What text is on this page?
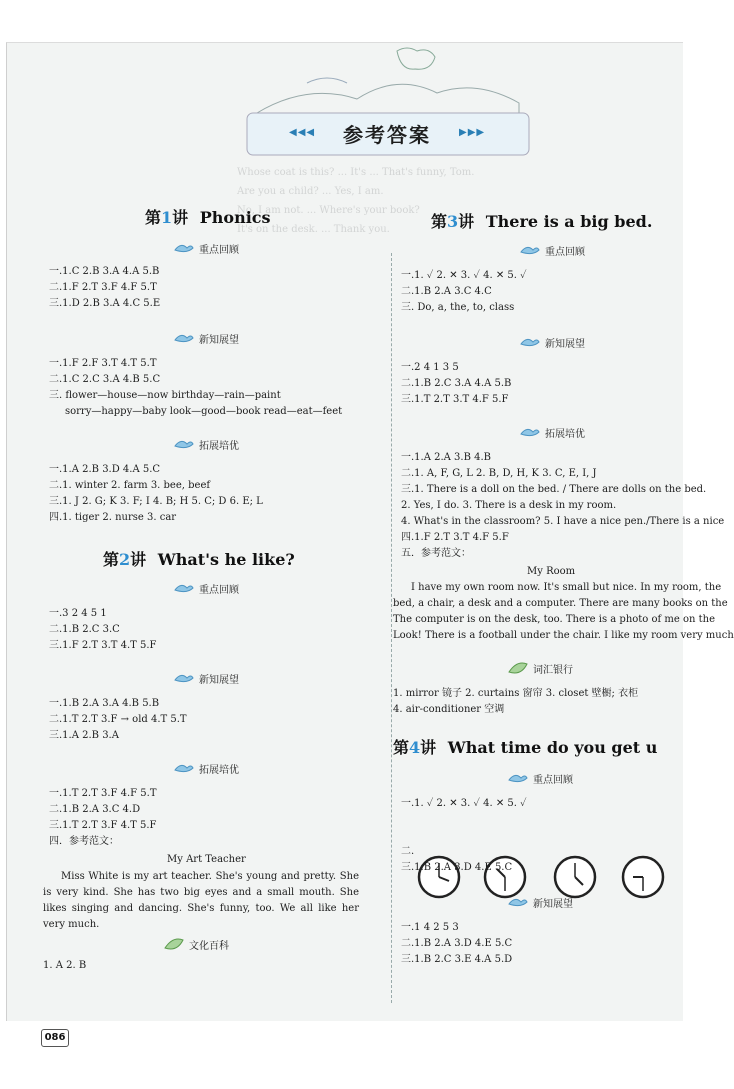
Whose coat is this? ... It's ... That's funny, Tom.
Are you a child? ... Yes, I am.
No, I am not. ... Where's your book?
It's on the desk. ... Thank you.
◀◀◀	参考答案	▶▶▶
第1讲 Phonics
重点回顾
一.1.C 2.B 3.A 4.A 5.B
二.1.F 2.T 3.F 4.F 5.T
三.1.D 2.B 3.A 4.C 5.E
新知展望
一.1.F 2.F 3.T 4.T 5.T
二.1.C 2.C 3.A 4.B 5.C
三. flower—house—now birthday—rain—paint
sorry—happy—baby look—good—book read—eat—feet
拓展培优
一.1.A 2.B 3.D 4.A 5.C
二.1. winter 2. farm 3. bee, beef
三.1. J 2. G; K 3. F; I 4. B; H 5. C; D 6. E; L
四.1. tiger 2. nurse 3. car
第2讲 What's he like?
重点回顾
一.3 2 4 5 1
二.1.B 2.C 3.C
三.1.F 2.T 3.T 4.T 5.F
新知展望
一.1.B 2.A 3.A 4.B 5.B
二.1.T 2.T 3.F → old 4.T 5.T
三.1.A 2.B 3.A
拓展培优
一.1.T 2.T 3.F 4.F 5.T
二.1.B 2.A 3.C 4.D
三.1.T 2.T 3.F 4.T 5.F
四．参考范文：
My Art Teacher
Miss White is my art teacher. She's young and pretty. She is very kind. She has two big eyes and a small mouth. She likes singing and dancing. She's funny, too. We all like her very much.
文化百科
1. A 2. B
第3讲 There is a big bed.
重点回顾
一.1. ✓ 2. ✕ 3. ✓ 4. ✕ 5. ✓
二.1.B 2.A 3.C 4.C
三. Do, a, the, to, class
新知展望
一.2 4 1 3 5
二.1.B 2.C 3.A 4.A 5.B
三.1.T 2.T 3.T 4.F 5.F
拓展培优
一.1.A 2.A 3.B 4.B
二.1. A, F, G, L 2. B, D, H, K 3. C, E, I, J
三.1. There is a doll on the bed. / There are dolls on the bed.
2. Yes, I do. 3. There is a desk in my room.
4. What's in the classroom? 5. I have a nice pen./There is a nice
四.1.F 2.T 3.T 4.F 5.F
五．参考范文：
My Room
I have my own room now. It's small but nice. In my room, the
bed, a chair, a desk and a computer. There are many books on the
The computer is on the desk, too. There is a photo of me on the
Look! There is a football under the chair. I like my room very much
词汇银行
1. mirror 镜子 2. curtains 窗帘 3. closet 壁橱; 衣柜
4. air-conditioner 空调
第4讲 What time do you get u
重点回顾
一.1. ✓ 2. ✕ 3. ✓ 4. ✕ 5. ✓
二.
三.1.B 2.A 3.D 4.E 5.C
新知展望
一.1 4 2 5 3
二.1.B 2.A 3.D 4.E 5.C
三.1.B 2.C 3.E 4.A 5.D
086
